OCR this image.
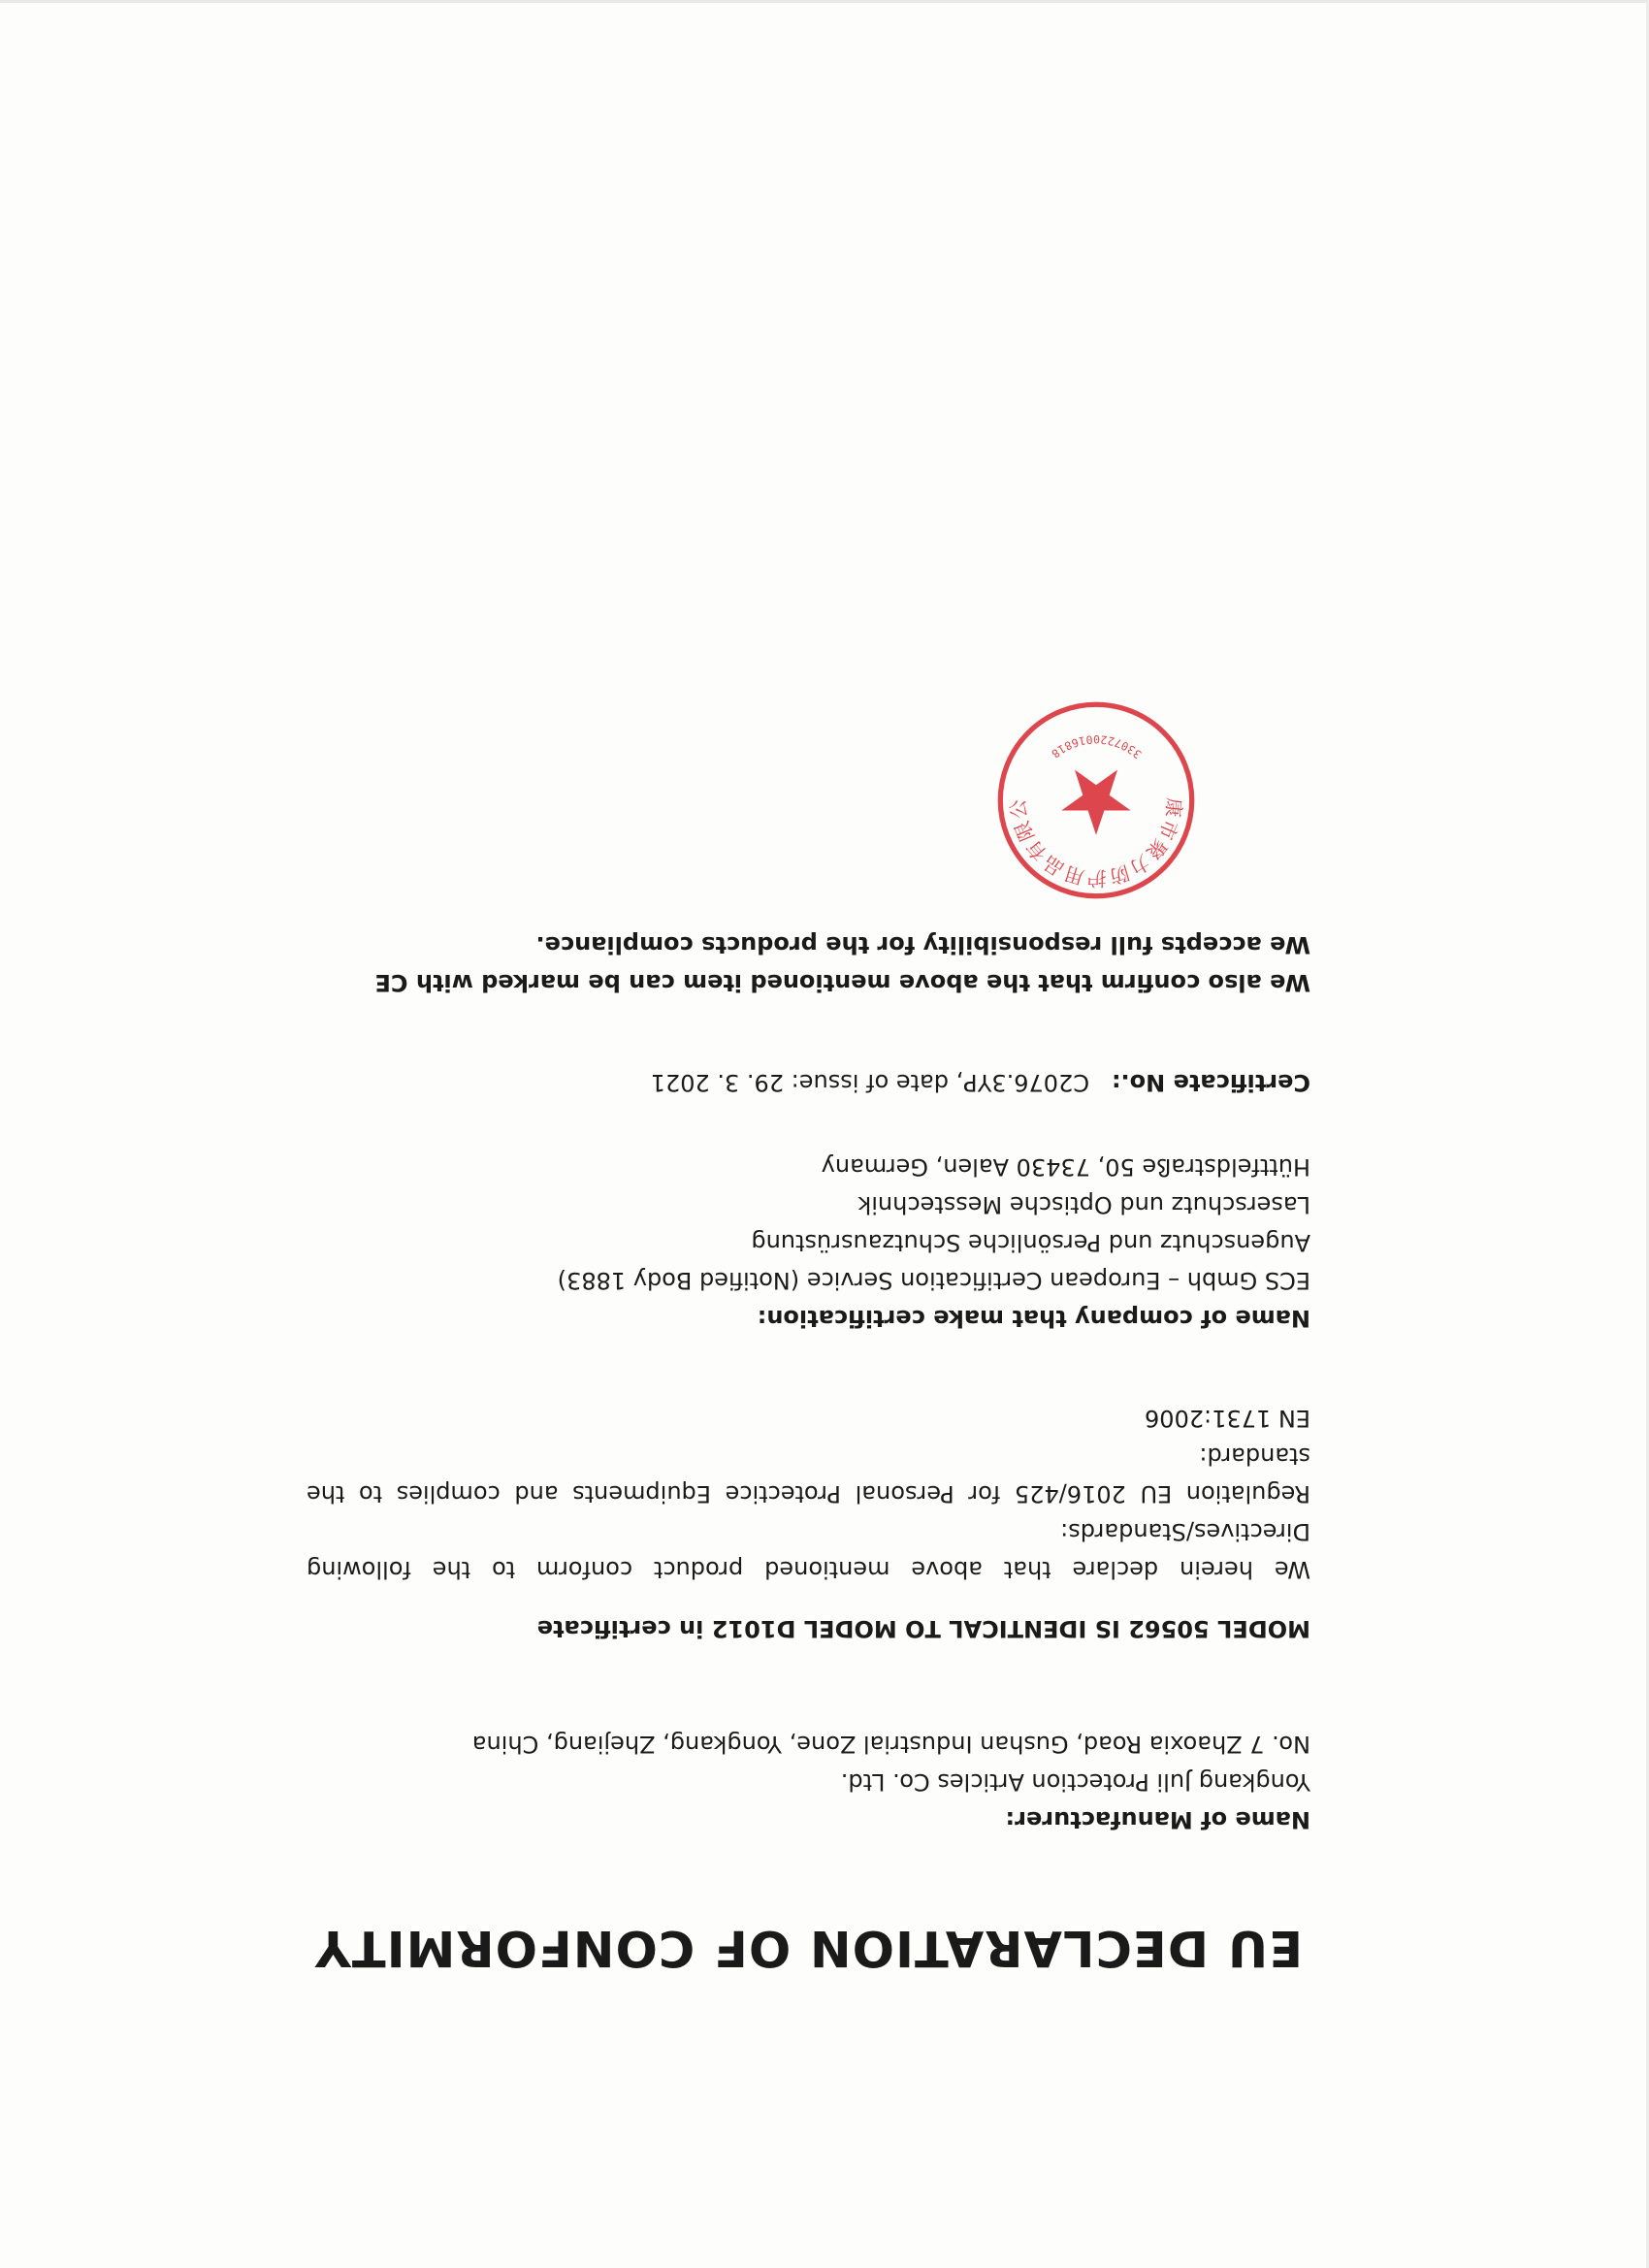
EU DECLARATION OF CONFORMITY

Name of Manufacturer:

Yongkang Juli Protection Articles Co. Ltd.

No. 7 Zhaoxia Road, Gushan Industrial Zone, Yongkang, Zhejiang, China

MODEL 50562 IS IDENTICAL TO MODEL D1012 in certificate

We herein declare that above mentioned product conform to the following Directives/Standards:

Regulation EU 2016/425 for Personal Protectice Equipments and complies to the standard:

EN 1731:2006

Name of company that make certification:

ECS Gmbh – European Certification Service (Notified Body 1883)

Augenschutz und Persönliche Schutzausrüstung

Laserschutz und Optische Messtechnik

Hüttfeldstraße 50, 73430 Aalen, Germany

Certificate No.:   C2076.3YP, date of issue: 29. 3. 2021

We also confirm that the above mentioned item can be marked with CE

We accepts full responsibility for the products compliance.

康市聚力防护用品有限公
3307220016818
